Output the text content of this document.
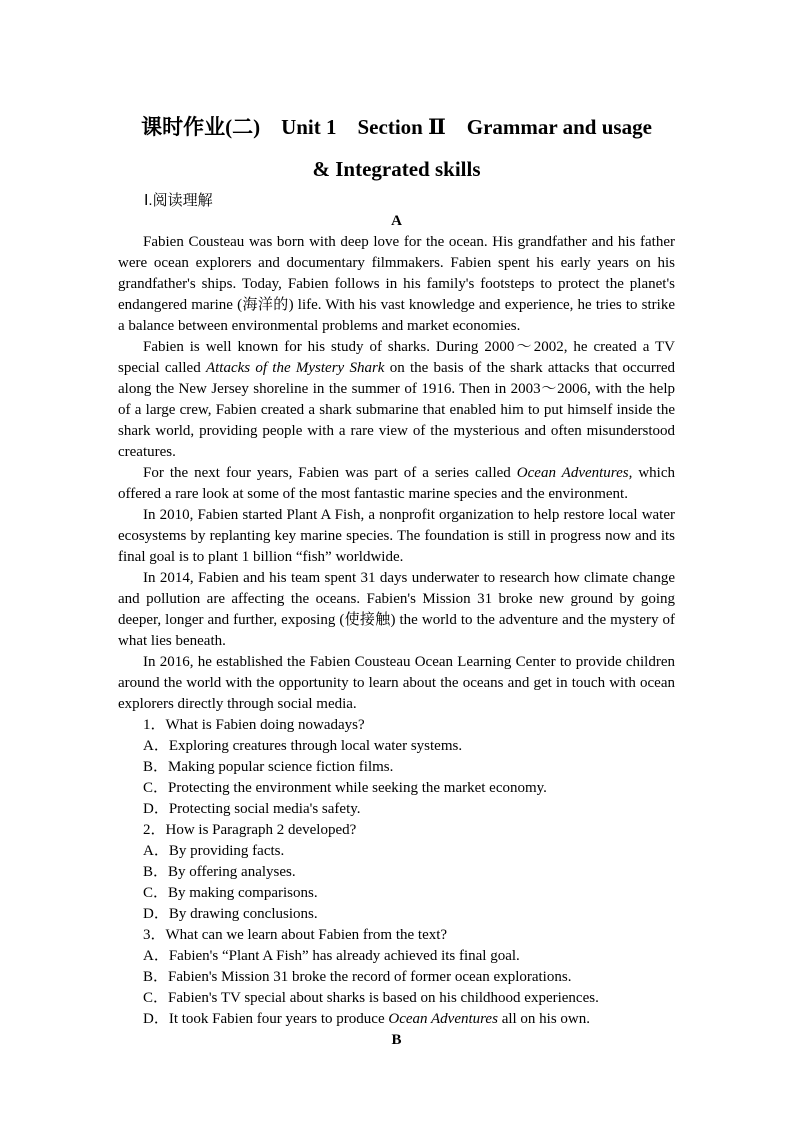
课时作业(二)　Unit 1　Section Ⅱ　Grammar and usage
& Integrated skills
Ⅰ.阅读理解
A

Fabien Cousteau was born with deep love for the ocean. His grandfather and his father were ocean explorers and documentary filmmakers. Fabien spent his early years on his grandfather's ships. Today, Fabien follows in his family's footsteps to protect the planet's endangered marine (海洋的) life. With his vast knowledge and experience, he tries to strike a balance between environmental problems and market economies.

Fabien is well known for his study of sharks. During 2000～2002, he created a TV special called Attacks of the Mystery Shark on the basis of the shark attacks that occurred along the New Jersey shoreline in the summer of 1916. Then in 2003～2006, with the help of a large crew, Fabien created a shark submarine that enabled him to put himself inside the shark world, providing people with a rare view of the mysterious and often misunderstood creatures.

For the next four years, Fabien was part of a series called Ocean Adventures, which offered a rare look at some of the most fantastic marine species and the environment.

In 2010, Fabien started Plant A Fish, a nonprofit organization to help restore local water ecosystems by replanting key marine species. The foundation is still in progress now and its final goal is to plant 1 billion “fish” worldwide.

In 2014, Fabien and his team spent 31 days underwater to research how climate change and pollution are affecting the oceans. Fabien's Mission 31 broke new ground by going deeper, longer and further, exposing (使接触) the world to the adventure and the mystery of what lies beneath.

In 2016, he established the Fabien Cousteau Ocean Learning Center to provide children around the world with the opportunity to learn about the oceans and get in touch with ocean explorers directly through social media.

1．What is Fabien doing nowadays?
A．Exploring creatures through local water systems.
B．Making popular science fiction films.
C．Protecting the environment while seeking the market economy.
D．Protecting social media's safety.
2．How is Paragraph 2 developed?
A．By providing facts.
B．By offering analyses.
C．By making comparisons.
D．By drawing conclusions.
3．What can we learn about Fabien from the text?
A．Fabien's “Plant A Fish” has already achieved its final goal.
B．Fabien's Mission 31 broke the record of former ocean explorations.
C．Fabien's TV special about sharks is based on his childhood experiences.
D．It took Fabien four years to produce Ocean Adventures all on his own.
B
